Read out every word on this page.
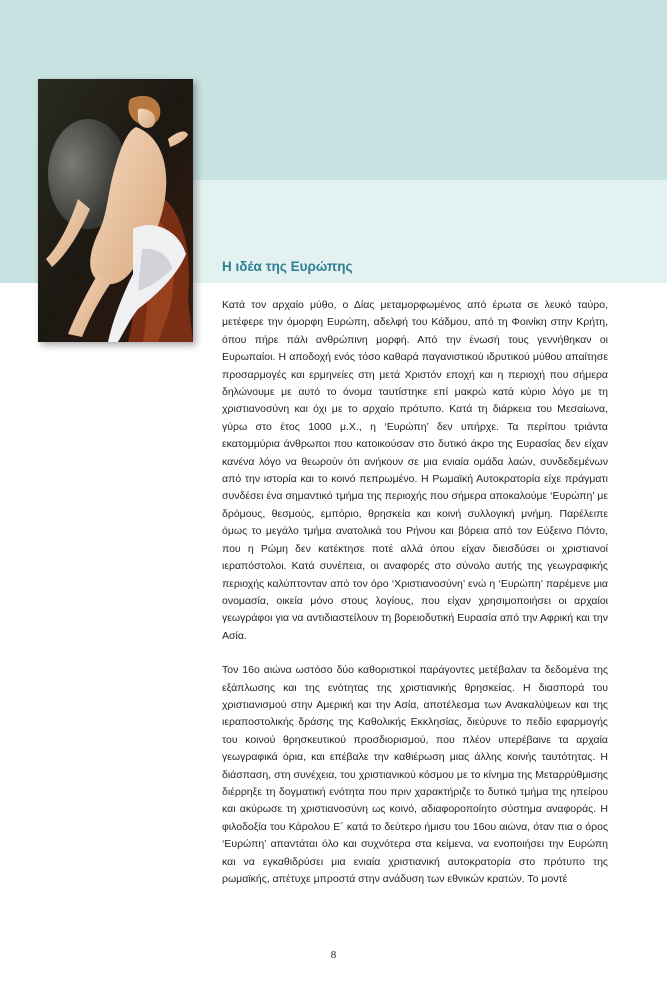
Η ιδέα της Ευρώπης

Κατά τον αρχαίο μύθο, ο Δίας μεταμορφωμένος από έρωτα σε λευκό ταύρο, μετέφερε την όμορφη Ευρώπη, αδελφή του Κάδμου, από τη Φοινίκη στην Κρήτη, όπου πήρε πάλι ανθρώπινη μορφή. Από την ένωσή τους γεννήθηκαν οι Ευρωπαίοι. Η αποδοχή ενός τόσο καθαρά παγανιστικού ιδρυτικού μύθου απαίτησε προσαρμογές και ερμηνείες στη μετά Χριστόν εποχή και η περιοχή που σήμερα δηλώνουμε με αυτό το όνομα ταυτίστηκε επί μακρώ κατά κύριο λόγο με τη χριστιανοσύνη και όχι με το αρχαίο πρότυπο. Κατά τη διάρκεια του Μεσαίωνα, γύρω στο έτος 1000 μ.Χ., η ‘Ευρώπη’ δεν υπήρχε. Τα περίπου τριάντα εκατομμύρια άνθρωποι που κατοικούσαν στο δυτικό άκρο της Ευρασίας δεν είχαν κανένα λόγο να θεωρούν ότι ανήκουν σε μια ενιαία ομάδα λαών, συνδεδεμένων από την ιστορία και το κοινό πεπρωμένο. Η Ρωμαϊκή Αυτοκρατορία είχε πράγματι συνδέσει ένα σημαντικό τμήμα της περιοχής που σήμερα αποκαλούμε ‘Ευρώπη’ με δρόμους, θεσμούς, εμπόριο, θρησκεία και κοινή συλλογική μνήμη. Παρέλειπε όμως το μεγάλο τμήμα ανατολικά του Ρήνου και βόρεια από τον Εύξεινο Πόντο, που η Ρώμη δεν κατέκτησε ποτέ αλλά όπου είχαν διεισδύσει οι χριστιανοί ιεραπόστολοι. Κατά συνέπεια, οι αναφορές στο σύνολο αυτής της γεωγραφικής περιοχής καλύπτονταν από τον όρο ‘Χριστιανοσύνη’ ενώ η ‘Ευρώπη’ παρέμενε μια ονομασία, οικεία μόνο στους λογίους, που είχαν χρησιμοποιήσει οι αρχαίοι γεωγράφοι για να αντιδιαστείλουν τη βορειοδυτική Ευρασία από την Αφρική και την Ασία.

Τον 16ο αιώνα ωστόσο δύο καθοριστικοί παράγοντες μετέβαλαν τα δεδομένα της εξάπλωσης και της ενότητας της χριστιανικής θρησκείας. Η διασπορά του χριστιανισμού στην Αμερική και την Ασία, αποτέλεσμα των Ανακαλύψεων και της ιεραποστολικής δράσης της Καθολικής Εκκλησίας, διεύρυνε το πεδίο εφαρμογής του κοινού θρησκευτικού προσδιορισμού, που πλέον υπερέβαινε τα αρχαία γεωγραφικά όρια, και επέβαλε την καθιέρωση μιας άλλης κοινής ταυτότητας. Η διάσπαση, στη συνέχεια, του χριστιανικού κόσμου με το κίνημα της Μεταρρύθμισης διέρρηξε τη δογματική ενότητα που πριν χαρακτήριζε το δυτικό τμήμα της ηπείρου και ακύρωσε τη χριστιανοσύνη ως κοινό, αδιαφοροποίητο σύστημα αναφοράς. Η φιλοδοξία του Κάρολου Ε΄ κατά το δεύτερο ήμισυ του 16ου αιώνα, όταν πια ο όρος ‘Ευρώπη’ απαντάται όλο και συχνότερα στα κείμενα, να ενοποιήσει την Ευρώπη και να εγκαθιδρύσει μια ενιαία χριστιανική αυτοκρατορία στο πρότυπο της ρωμαϊκής, απέτυχε μπροστά στην ανάδυση των εθνικών κρατών. Το μοντέ

8
